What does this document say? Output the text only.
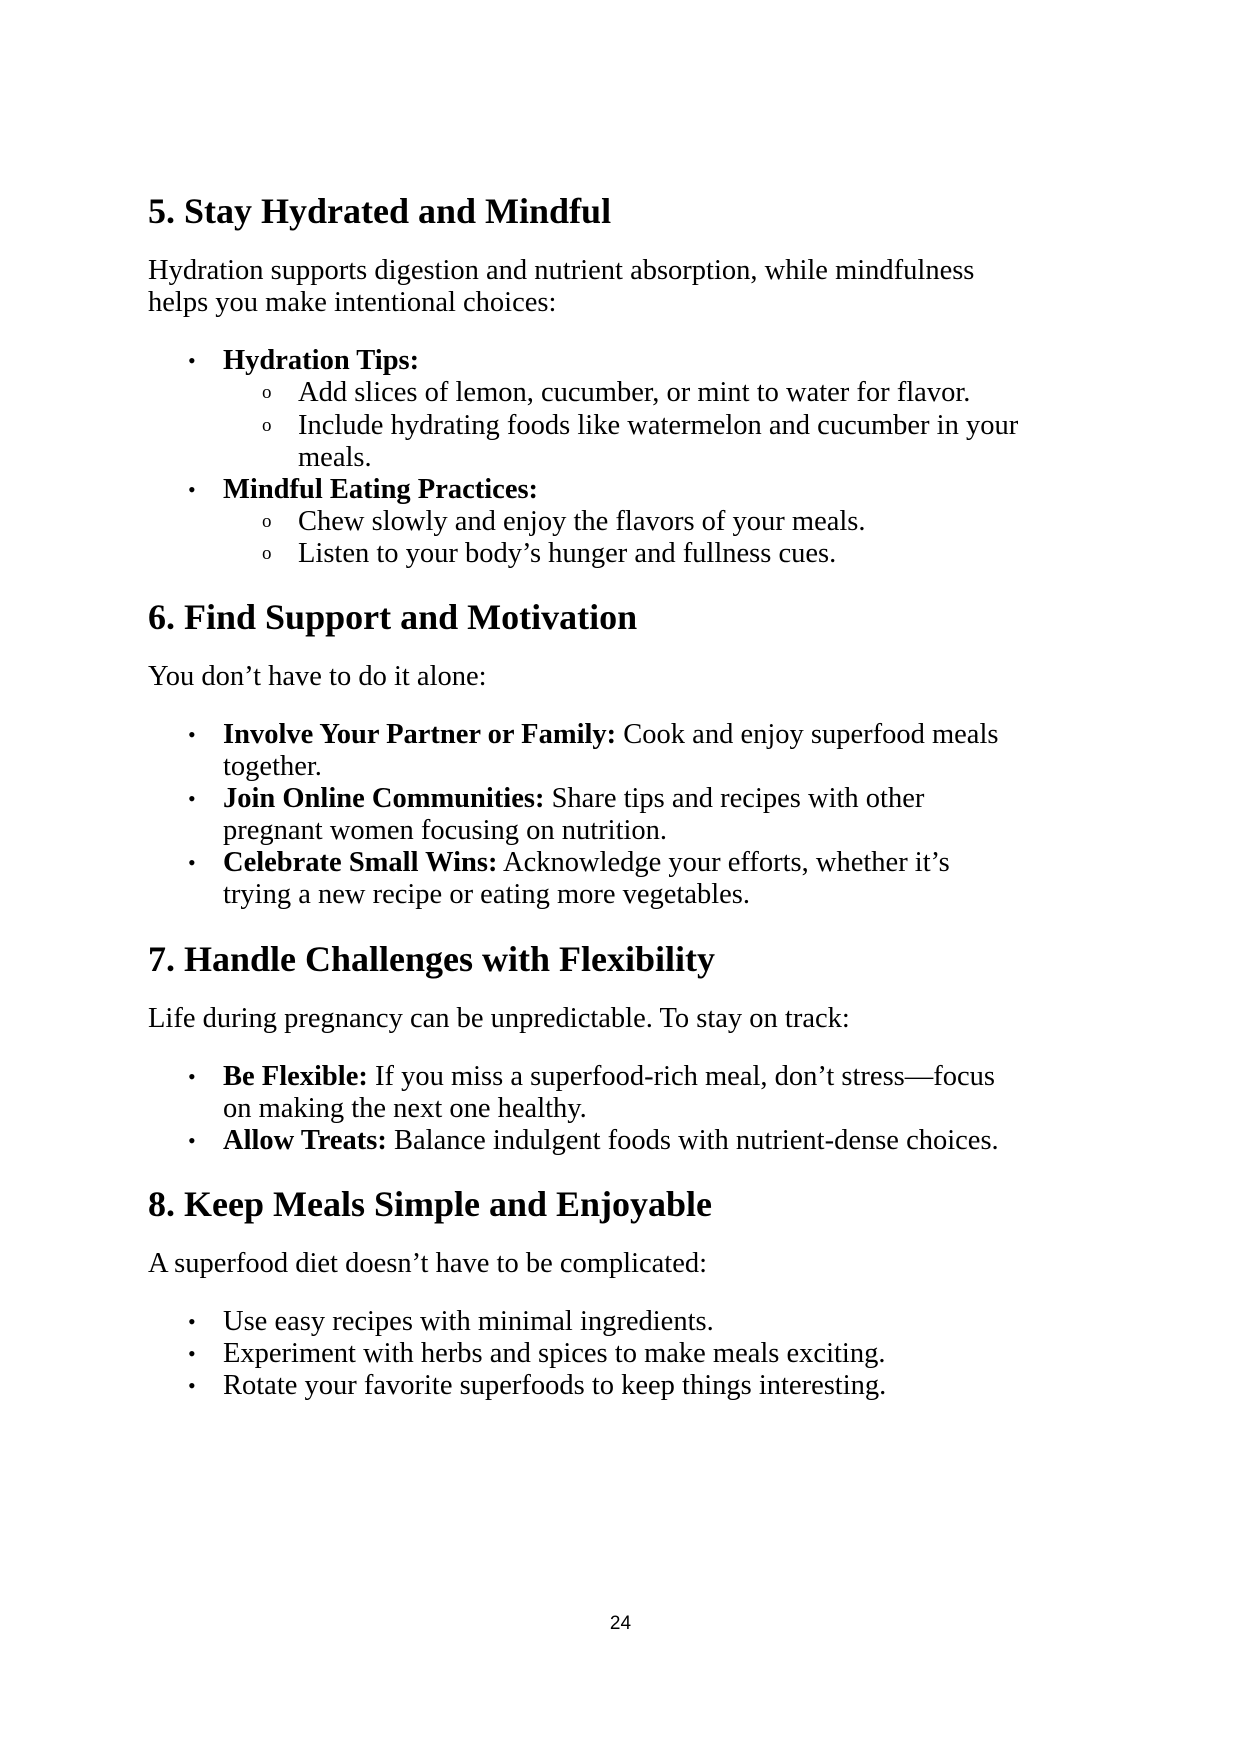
5. Stay Hydrated and Mindful

Hydration supports digestion and nutrient absorption, while mindfulness

helps you make intentional choices:

• Hydration Tips:

o Add slices of lemon, cucumber, or mint to water for flavor.

o Include hydrating foods like watermelon and cucumber in your

meals.

• Mindful Eating Practices:

o Chew slowly and enjoy the flavors of your meals.

o Listen to your body’s hunger and fullness cues.

6. Find Support and Motivation

You don’t have to do it alone:

• Involve Your Partner or Family: Cook and enjoy superfood meals

together.

• Join Online Communities: Share tips and recipes with other

pregnant women focusing on nutrition.

• Celebrate Small Wins: Acknowledge your efforts, whether it’s

trying a new recipe or eating more vegetables.

7. Handle Challenges with Flexibility

Life during pregnancy can be unpredictable. To stay on track:

• Be Flexible: If you miss a superfood-rich meal, don’t stress—focus

on making the next one healthy.

• Allow Treats: Balance indulgent foods with nutrient-dense choices.

8. Keep Meals Simple and Enjoyable

A superfood diet doesn’t have to be complicated:

• Use easy recipes with minimal ingredients.

• Experiment with herbs and spices to make meals exciting.

• Rotate your favorite superfoods to keep things interesting.

24
